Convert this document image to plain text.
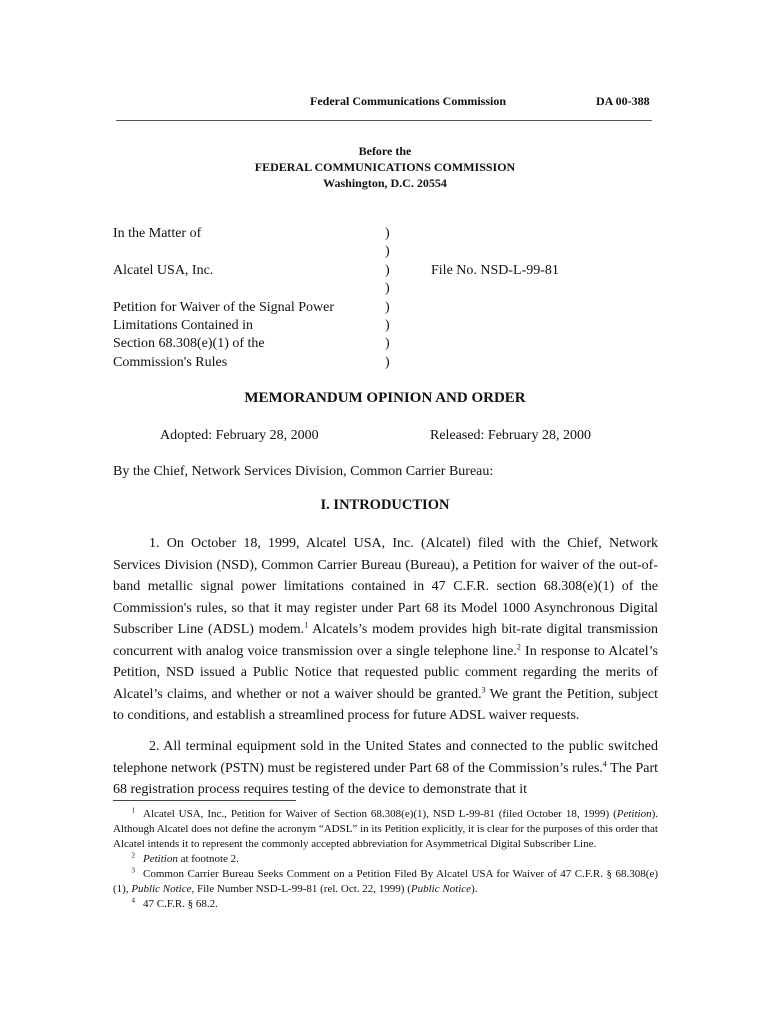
Federal Communications Commission	DA 00-388
Before the
FEDERAL COMMUNICATIONS COMMISSION
Washington, D.C. 20554
In the Matter of
Alcatel USA, Inc.
Petition for Waiver of the Signal Power
Limitations Contained in
Section 68.308(e)(1) of the
Commission's Rules
)
)
)
)
)
)
)
)
File No. NSD-L-99-81
MEMORANDUM OPINION AND ORDER
Adopted: February 28, 2000	Released: February 28, 2000
By the Chief, Network Services Division, Common Carrier Bureau:
I. INTRODUCTION
1. On October 18, 1999, Alcatel USA, Inc. (Alcatel) filed with the Chief, Network Services Division (NSD), Common Carrier Bureau (Bureau), a Petition for waiver of the out-of-band metallic signal power limitations contained in 47 C.F.R. section 68.308(e)(1) of the Commission's rules, so that it may register under Part 68 its Model 1000 Asynchronous Digital Subscriber Line (ADSL) modem.$^1$ Alcatels’s modem provides high bit-rate digital transmission concurrent with analog voice transmission over a single telephone line.$^2$ In response to Alcatel’s Petition, NSD issued a Public Notice that requested public comment regarding the merits of Alcatel’s claims, and whether or not a waiver should be granted.$^3$ We grant the Petition, subject to conditions, and establish a streamlined process for future ADSL waiver requests.
2. All terminal equipment sold in the United States and connected to the public switched telephone network (PSTN) must be registered under Part 68 of the Commission’s rules.$^4$ The Part 68 registration process requires testing of the device to demonstrate that it
$^1$ Alcatel USA, Inc., Petition for Waiver of Section 68.308(e)(1), NSD L-99-81 (filed October 18, 1999) (Petition). Although Alcatel does not define the acronym “ADSL” in its Petition explicitly, it is clear for the purposes of this order that Alcatel intends it to represent the commonly accepted abbreviation for Asymmetrical Digital Subscriber Line.
$^2$ Petition at footnote 2.
$^3$ Common Carrier Bureau Seeks Comment on a Petition Filed By Alcatel USA for Waiver of 47 C.F.R. § 68.308(e)(1), Public Notice, File Number NSD-L-99-81 (rel. Oct. 22, 1999) (Public Notice).
$^4$ 47 C.F.R. § 68.2.
